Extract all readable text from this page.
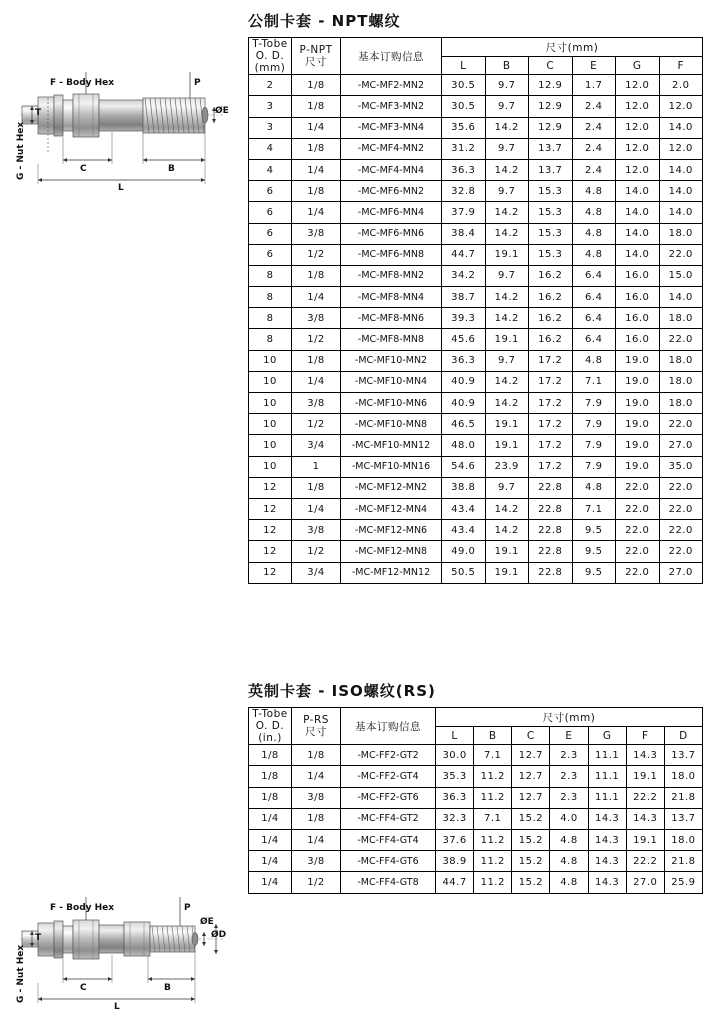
F - Body Hex	P
G - Nut Hex
T	ØE
C	B
L
公制卡套 - NPT螺纹
T-Tobe
O. D.
(mm)

P-NPT
尺寸	基本订购信息	尺寸(mm)
			L	B	C	E	G	F
2	1/8	-MC-MF2-MN2	30.5	9.7	12.9	1.7	12.0	2.0
3	1/8	-MC-MF3-MN2	30.5	9.7	12.9	2.4	12.0	12.0
3	1/4	-MC-MF3-MN4	35.6	14.2	12.9	2.4	12.0	14.0
4	1/8	-MC-MF4-MN2	31.2	9.7	13.7	2.4	12.0	12.0
4	1/4	-MC-MF4-MN4	36.3	14.2	13.7	2.4	12.0	14.0
6	1/8	-MC-MF6-MN2	32.8	9.7	15.3	4.8	14.0	14.0
6	1/4	-MC-MF6-MN4	37.9	14.2	15.3	4.8	14.0	14.0
6	3/8	-MC-MF6-MN6	38.4	14.2	15.3	4.8	14.0	18.0
6	1/2	-MC-MF6-MN8	44.7	19.1	15.3	4.8	14.0	22.0
8	1/8	-MC-MF8-MN2	34.2	9.7	16.2	6.4	16.0	15.0
8	1/4	-MC-MF8-MN4	38.7	14.2	16.2	6.4	16.0	14.0
8	3/8	-MC-MF8-MN6	39.3	14.2	16.2	6.4	16.0	18.0
8	1/2	-MC-MF8-MN8	45.6	19.1	16.2	6.4	16.0	22.0
10	1/8	-MC-MF10-MN2	36.3	9.7	17.2	4.8	19.0	18.0
10	1/4	-MC-MF10-MN4	40.9	14.2	17.2	7.1	19.0	18.0
10	3/8	-MC-MF10-MN6	40.9	14.2	17.2	7.9	19.0	18.0
10	1/2	-MC-MF10-MN8	46.5	19.1	17.2	7.9	19.0	22.0
10	3/4	-MC-MF10-MN12	48.0	19.1	17.2	7.9	19.0	27.0
10	1	-MC-MF10-MN16	54.6	23.9	17.2	7.9	19.0	35.0
12	1/8	-MC-MF12-MN2	38.8	9.7	22.8	4.8	22.0	22.0
12	1/4	-MC-MF12-MN4	43.4	14.2	22.8	7.1	22.0	22.0
12	3/8	-MC-MF12-MN6	43.4	14.2	22.8	9.5	22.0	22.0
12	1/2	-MC-MF12-MN8	49.0	19.1	22.8	9.5	22.0	22.0
12	3/4	-MC-MF12-MN12	50.5	19.1	22.8	9.5	22.0	27.0
F - Body Hex	P
G - Nut Hex
T
ØE
ØD
C	B
L
英制卡套 - ISO螺纹(RS)
T-Tobe
O. D.
(in.)

P-RS
尺寸	基本订购信息	尺寸(mm)
			L	B	C	E	G	F	D
1/8	1/8	-MC-FF2-GT2	30.0	7.1	12.7	2.3	11.1	14.3	13.7
1/8	1/4	-MC-FF2-GT4	35.3	11.2	12.7	2.3	11.1	19.1	18.0
1/8	3/8	-MC-FF2-GT6	36.3	11.2	12.7	2.3	11.1	22.2	21.8
1/4	1/8	-MC-FF4-GT2	32.3	7.1	15.2	4.0	14.3	14.3	13.7
1/4	1/4	-MC-FF4-GT4	37.6	11.2	15.2	4.8	14.3	19.1	18.0
1/4	3/8	-MC-FF4-GT6	38.9	11.2	15.2	4.8	14.3	22.2	21.8
1/4	1/2	-MC-FF4-GT8	44.7	11.2	15.2	4.8	14.3	27.0	25.9
